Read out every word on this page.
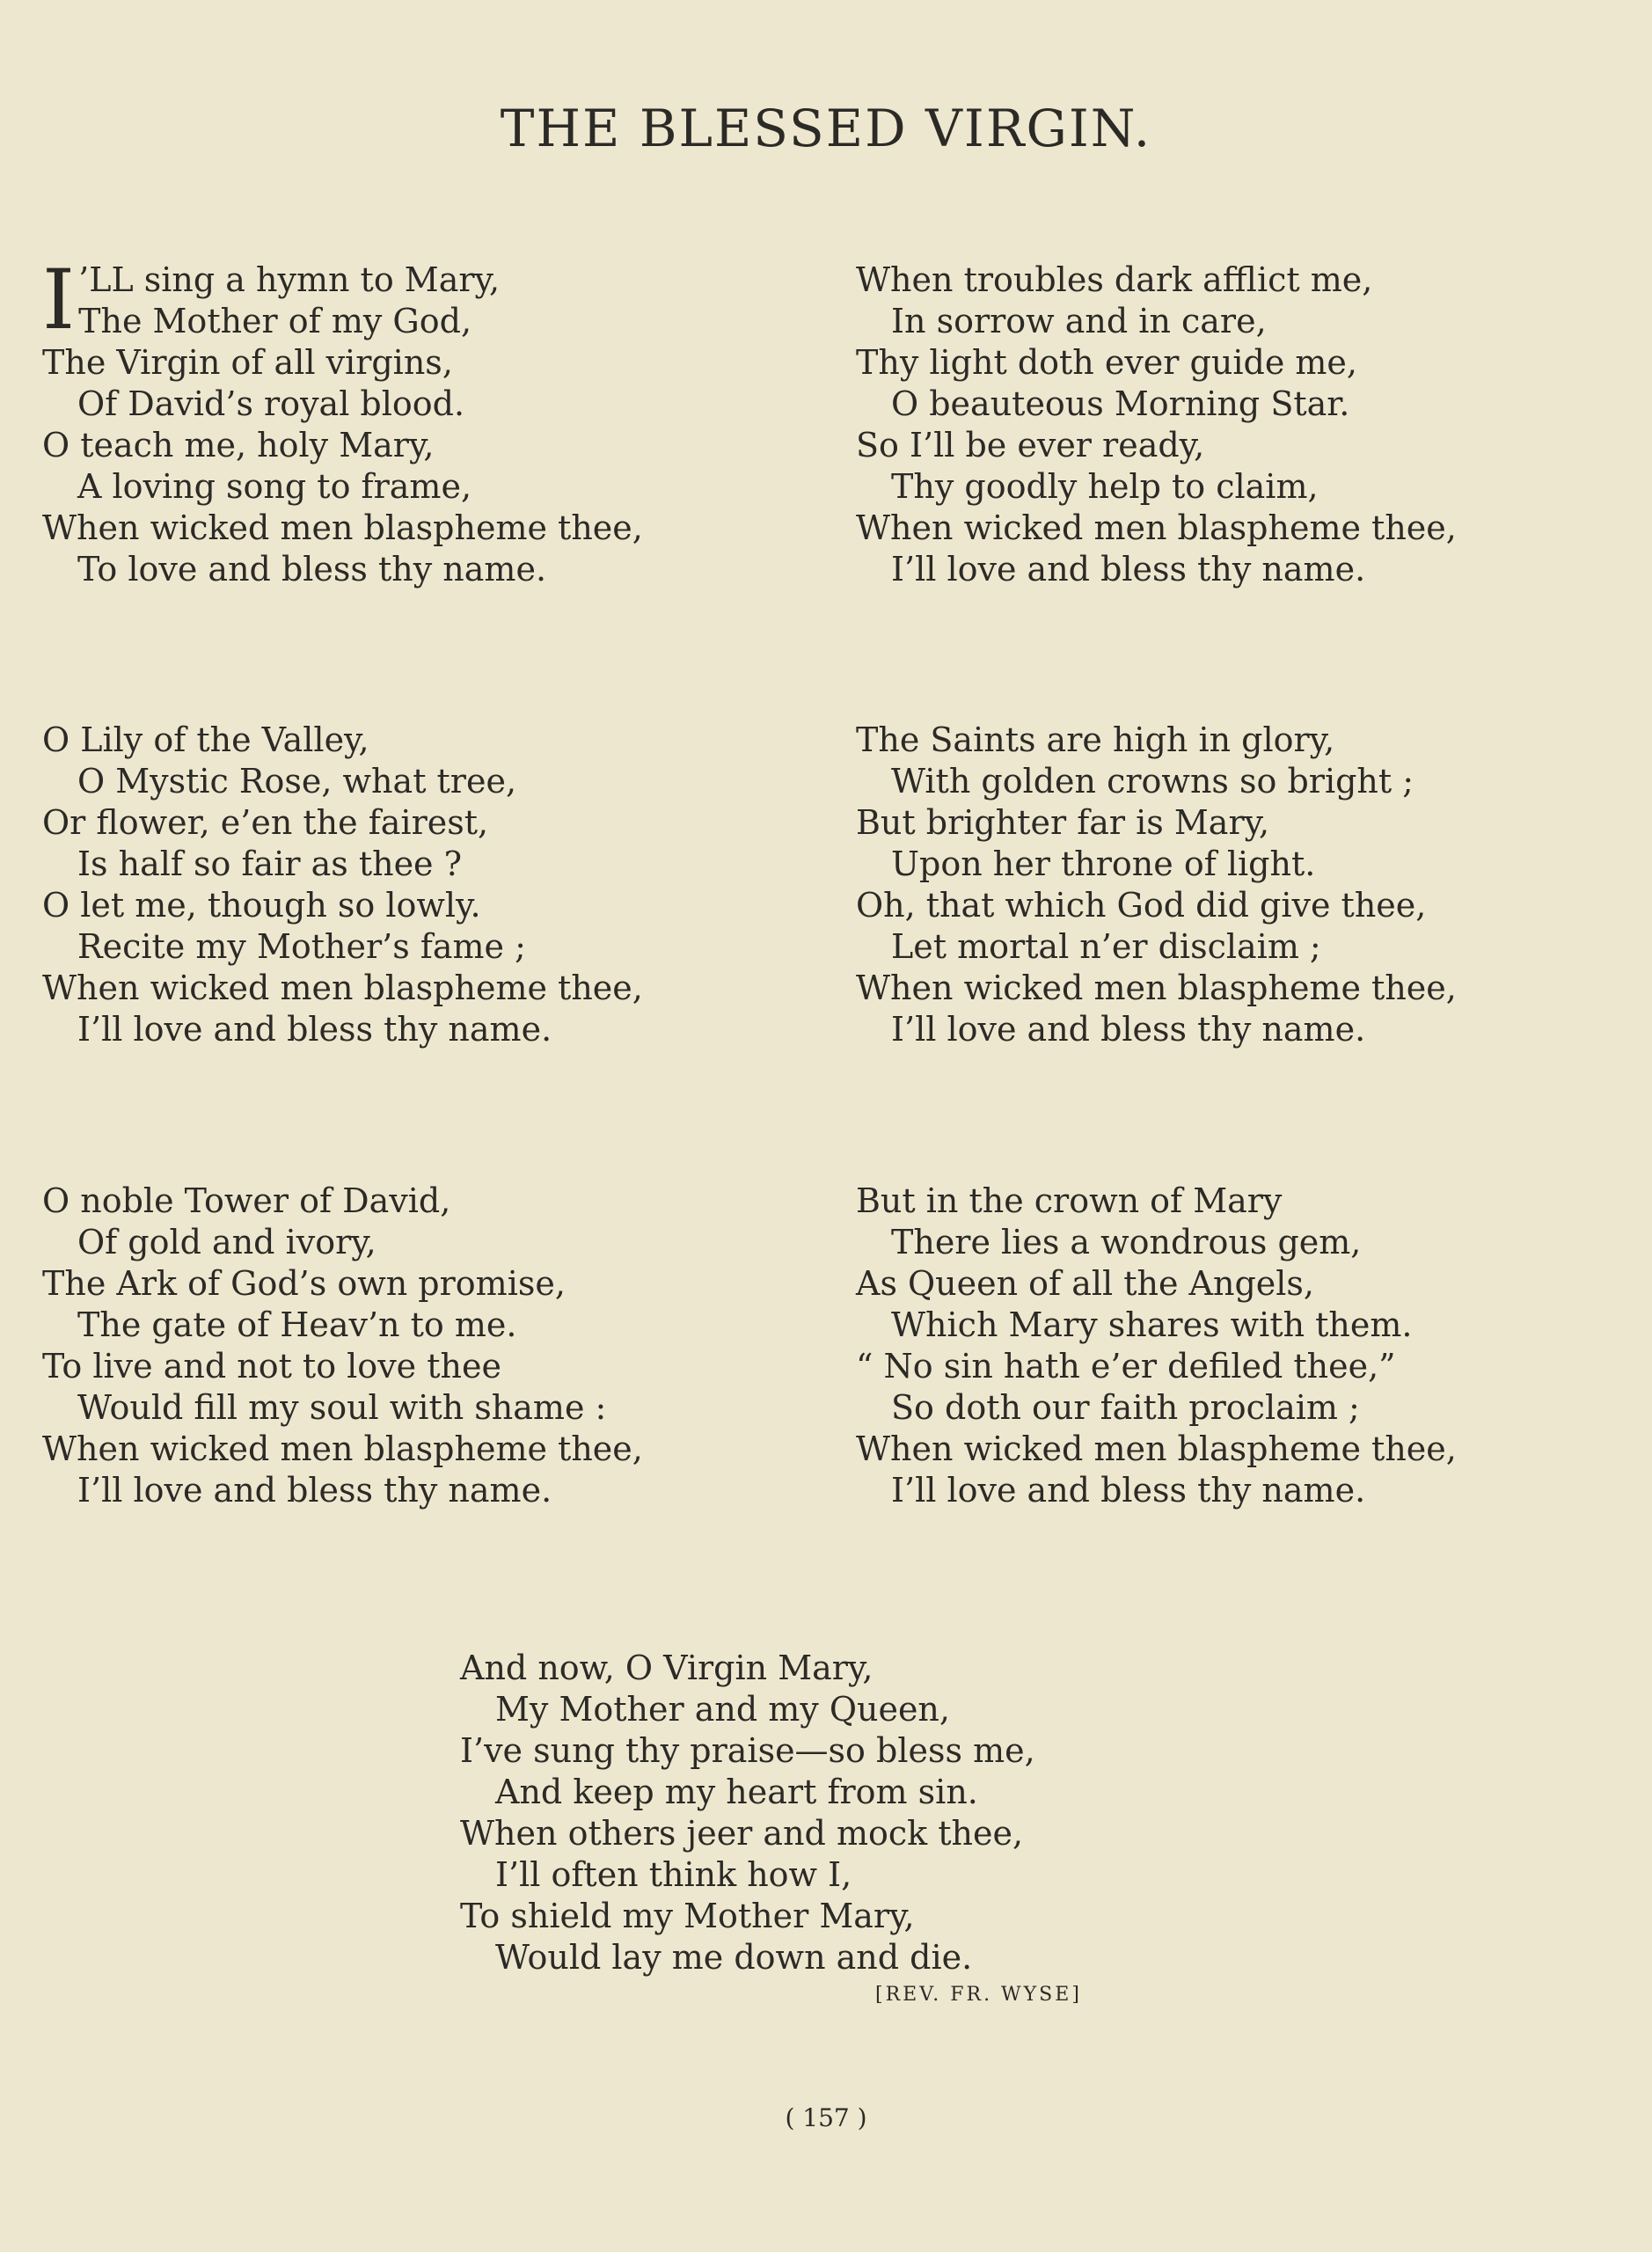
THE BLESSED VIRGIN.
I ’LL sing a hymn to Mary,
The Mother of my God,
The Virgin of all virgins,
Of David’s royal blood.
O teach me, holy Mary,
A loving song to frame,
When wicked men blaspheme thee,
To love and bless thy name.
When troubles dark afflict me,
In sorrow and in care,
Thy light doth ever guide me,
O beauteous Morning Star.
So I’ll be ever ready,
Thy goodly help to claim,
When wicked men blaspheme thee,
I’ll love and bless thy name.
O Lily of the Valley,
O Mystic Rose, what tree,
Or flower, e’en the fairest,
Is half so fair as thee ?
O let me, though so lowly.
Recite my Mother’s fame ;
When wicked men blaspheme thee,
I’ll love and bless thy name.
The Saints are high in glory,
With golden crowns so bright ;
But brighter far is Mary,
Upon her throne of light.
Oh, that which God did give thee,
Let mortal n’er disclaim ;
When wicked men blaspheme thee,
I’ll love and bless thy name.
O noble Tower of David,
Of gold and ivory,
The Ark of God’s own promise,
The gate of Heav’n to me.
To live and not to love thee
Would fill my soul with shame :
When wicked men blaspheme thee,
I’ll love and bless thy name.
But in the crown of Mary
There lies a wondrous gem,
As Queen of all the Angels,
Which Mary shares with them.
“ No sin hath e’er defiled thee,”
So doth our faith proclaim ;
When wicked men blaspheme thee,
I’ll love and bless thy name.
And now, O Virgin Mary,
My Mother and my Queen,
I’ve sung thy praise—so bless me,
And keep my heart from sin.
When others jeer and mock thee,
I’ll often think how I,
To shield my Mother Mary,
Would lay me down and die.
[REV. FR. WYSE]
( 157 )
